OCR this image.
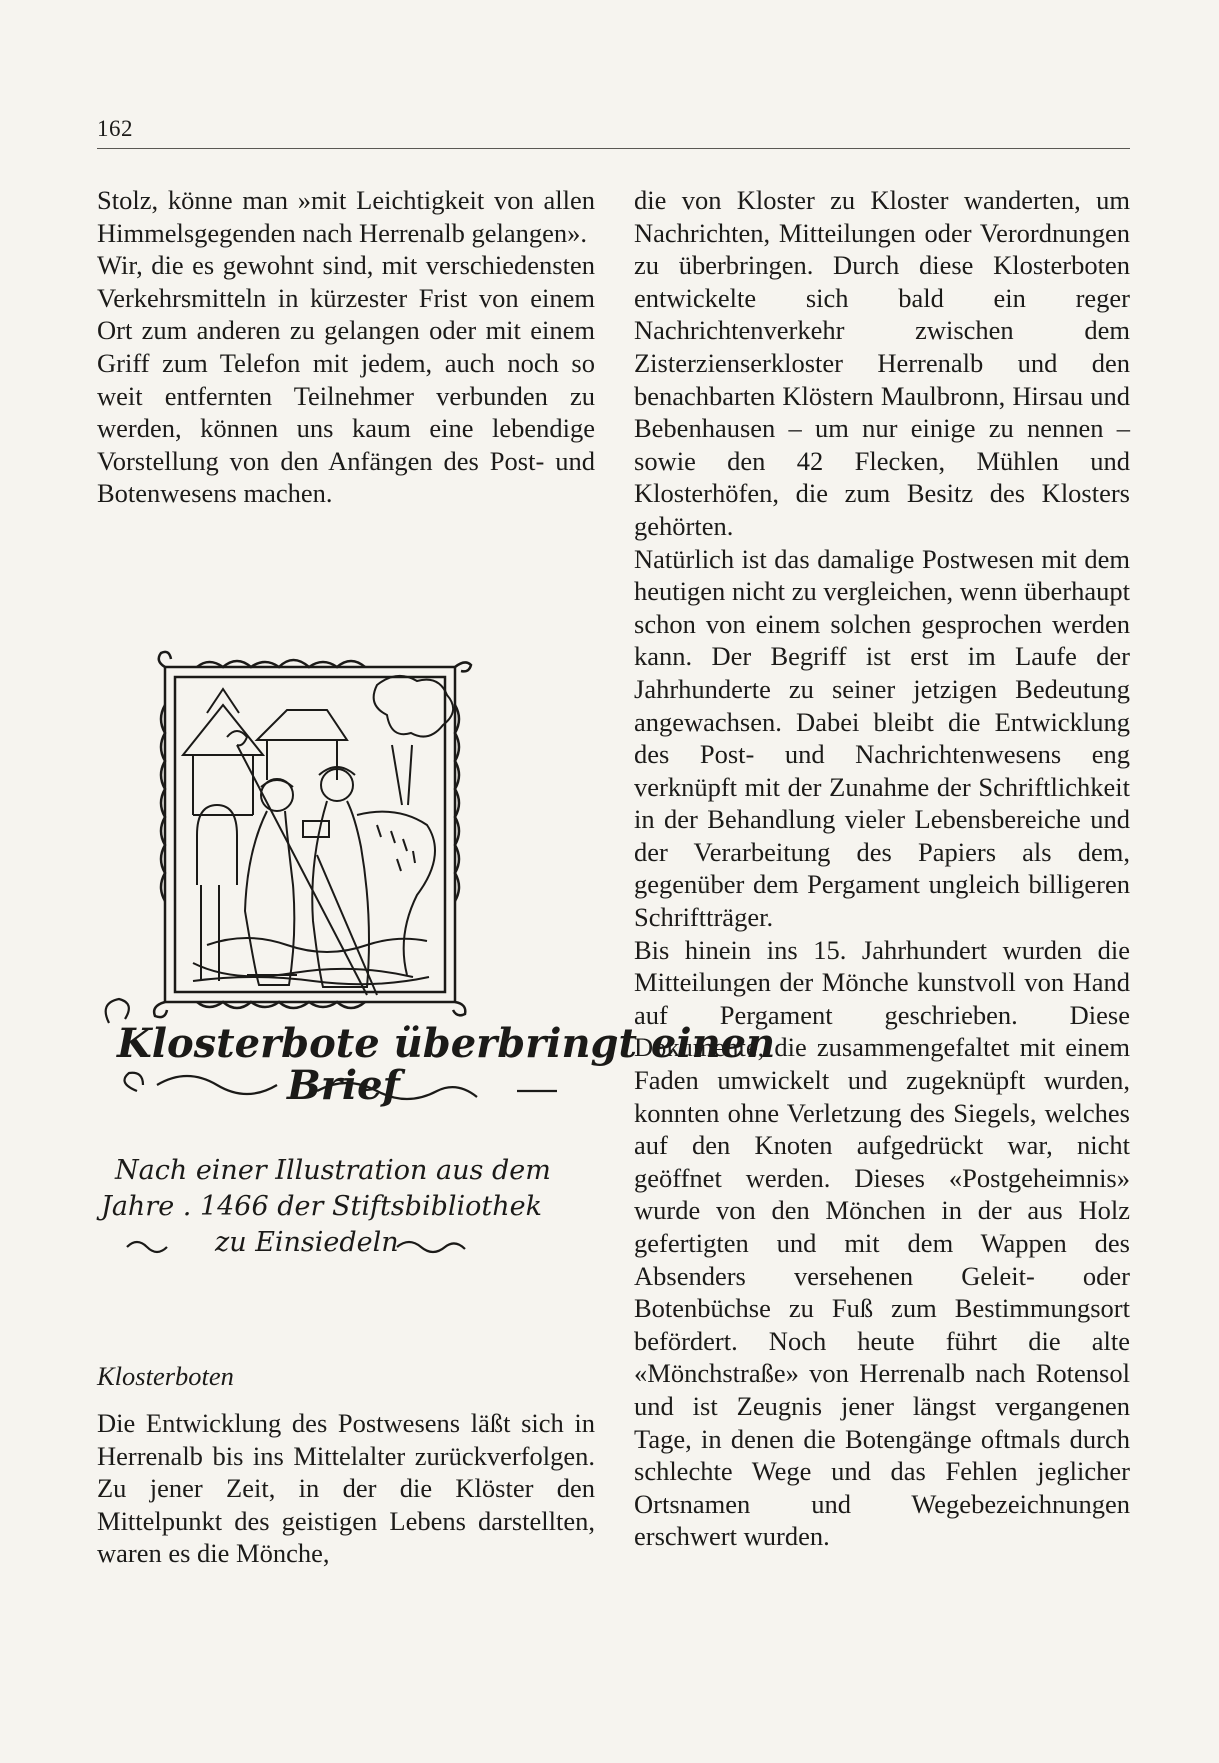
162

Stolz, könne man »mit Leichtigkeit von allen Himmelsgegenden nach Herrenalb gelangen».

Wir, die es gewohnt sind, mit verschiedensten Verkehrsmitteln in kürzester Frist von einem Ort zum anderen zu gelangen oder mit einem Griff zum Telefon mit jedem, auch noch so weit entfernten Teilnehmer verbunden zu werden, können uns kaum eine lebendige Vorstellung von den Anfängen des Post- und Botenwesens machen.

Klosterbote überbringt einen
Brief
Nach einer Illustration aus dem
Jahre . 1466 der Stiftsbibliothek
zu Einsiedeln
Klosterboten

Die Entwicklung des Postwesens läßt sich in Herrenalb bis ins Mittelalter zurückverfolgen. Zu jener Zeit, in der die Klöster den Mittelpunkt des geistigen Lebens darstellten, waren es die Mönche,

die von Kloster zu Kloster wanderten, um Nachrichten, Mitteilungen oder Verordnungen zu überbringen. Durch diese Klosterboten entwickelte sich bald ein reger Nachrichtenverkehr zwischen dem Zisterzienserkloster Herrenalb und den benachbarten Klöstern Maulbronn, Hirsau und Bebenhausen – um nur einige zu nennen – sowie den 42 Flecken, Mühlen und Klosterhöfen, die zum Besitz des Klosters gehörten.

Natürlich ist das damalige Postwesen mit dem heutigen nicht zu vergleichen, wenn überhaupt schon von einem solchen gesprochen werden kann. Der Begriff ist erst im Laufe der Jahrhunderte zu seiner jetzigen Bedeutung angewachsen. Dabei bleibt die Entwicklung des Post- und Nachrichtenwesens eng verknüpft mit der Zunahme der Schriftlichkeit in der Behandlung vieler Lebensbereiche und der Verarbeitung des Papiers als dem, gegenüber dem Pergament ungleich billigeren Schriftträger.

Bis hinein ins 15. Jahrhundert wurden die Mitteilungen der Mönche kunstvoll von Hand auf Pergament geschrieben. Diese Dokumente, die zusammengefaltet mit einem Faden umwickelt und zugeknüpft wurden, konnten ohne Verletzung des Siegels, welches auf den Knoten aufgedrückt war, nicht geöffnet werden. Dieses «Postgeheimnis» wurde von den Mönchen in der aus Holz gefertigten und mit dem Wappen des Absenders versehenen Geleit- oder Botenbüchse zu Fuß zum Bestimmungsort befördert. Noch heute führt die alte «Mönchstraße» von Herrenalb nach Rotensol und ist Zeugnis jener längst vergangenen Tage, in denen die Botengänge oftmals durch schlechte Wege und das Fehlen jeglicher Ortsnamen und Wegebezeichnungen erschwert wurden.
